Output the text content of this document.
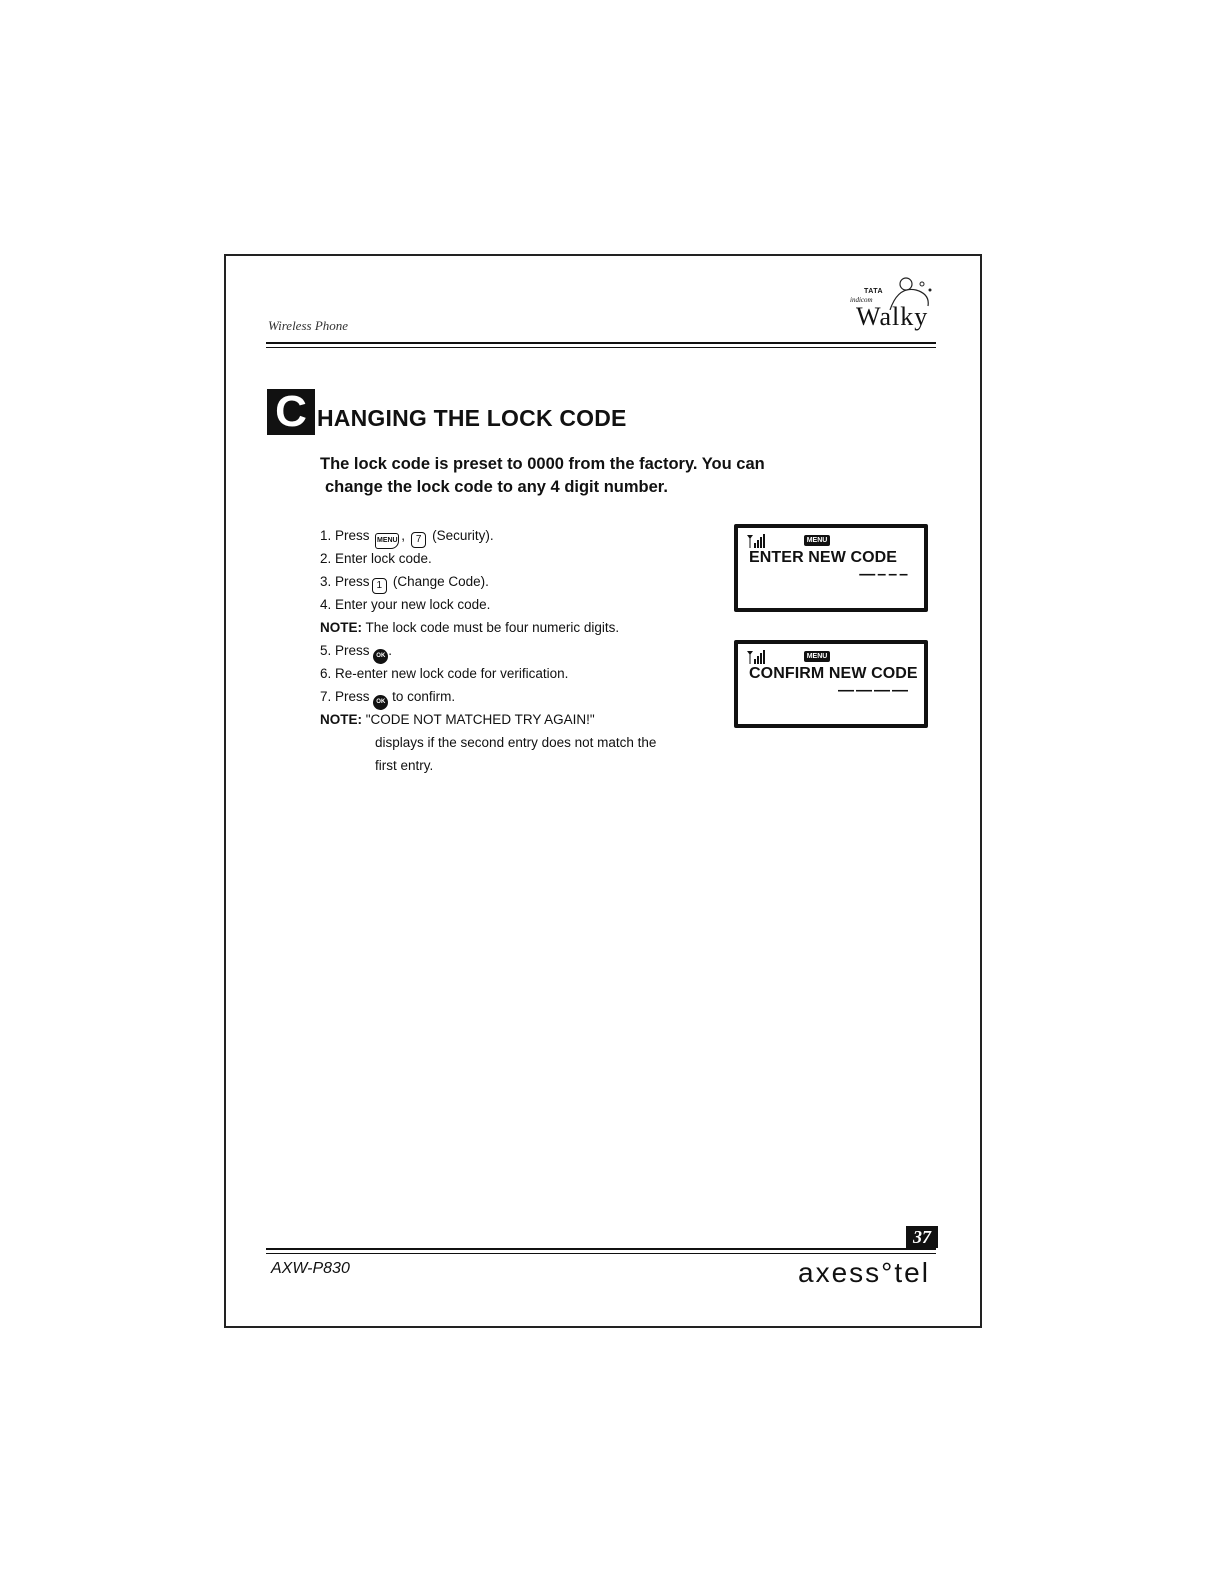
Wireless Phone
TATA
indicom
Walky
C HANGING THE LOCK CODE
The lock code is preset to 0000 from the factory. You can
change the lock code to any 4 digit number.
1. Press MENU , 7 (Security).
2. Enter lock code.
3. Press 1 (Change Code).
4. Enter your new lock code.
NOTE: The lock code must be four numeric digits.
5. Press OK .
6. Re-enter new lock code for verification.
7. Press OK to confirm.
NOTE: "CODE NOT MATCHED TRY AGAIN!"
displays if the second entry does not match the
first entry.
MENU
ENTER NEW CODE
—–––
MENU
CONFIRM NEW CODE
————
37
AXW-P830	axess°tel
